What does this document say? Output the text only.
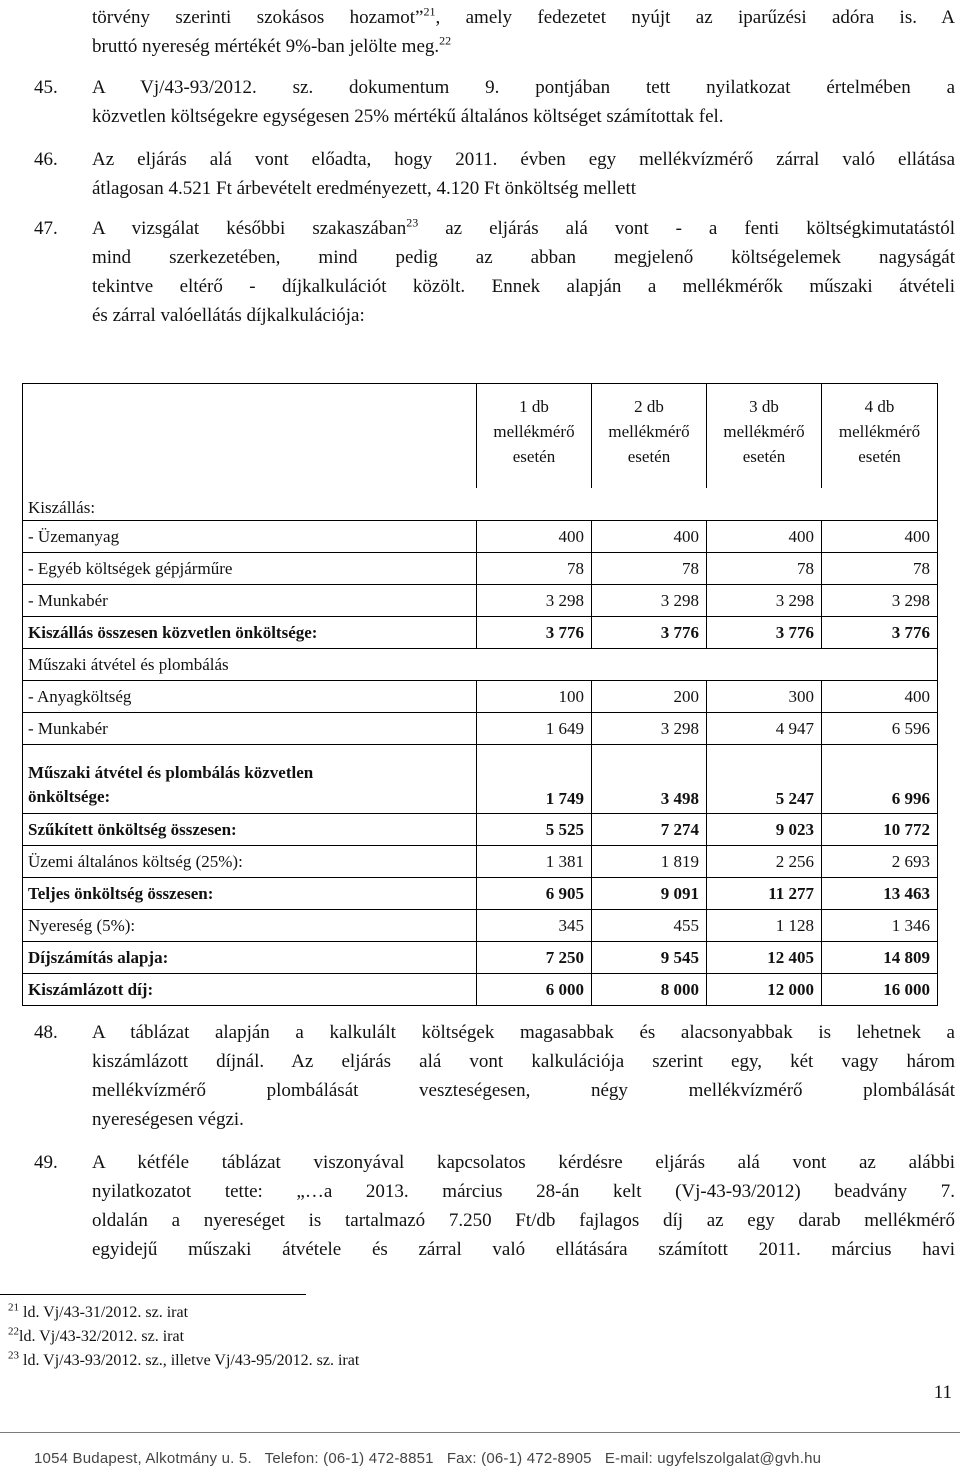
törvény szerinti szokásos hozamot”$^{21}$, amely fedezetet nyújt az iparűzési adóra is. A
bruttó nyereség mértékét 9%-ban jelölte meg.$^{22}$
45.	A Vj/43-93/2012. sz. dokumentum 9. pontjában tett nyilatkozat értelmében a
közvetlen költségekre egységesen 25% mértékű általános költséget számítottak fel.
46.	Az eljárás alá vont előadta, hogy 2011. évben egy mellékvízmérő zárral való ellátása
átlagosan 4.521 Ft árbevételt eredményezett, 4.120 Ft önköltség mellett
47.	A vizsgálat későbbi szakaszában$^{23}$ az eljárás alá vont - a fenti költségkimutatástól
mind szerkezetében, mind pedig az abban megjelenő költségelemek nagyságát
tekintve eltérő - díjkalkulációt közölt. Ennek alapján a mellékmérők műszaki átvételi
és zárral valóellátás díjkalkulációja:
	1 db
mellékmérő
esetén	2 db
mellékmérő
esetén	3 db
mellékmérő
esetén	4 db
mellékmérő
esetén
Kiszállás:				
- Üzemanyag	400	400	400	400
- Egyéb költségek gépjárműre	78	78	78	78
- Munkabér	3 298	3 298	3 298	3 298
Kiszállás összesen közvetlen önköltsége:	3 776	3 776	3 776	3 776
Műszaki átvétel és plombálás				
- Anyagköltség	100	200	300	400
- Munkabér	1 649	3 298	4 947	6 596
Műszaki átvétel és plombálás közvetlen
önköltsége:	1 749	3 498	5 247	6 996
Szűkített önköltség összesen:	5 525	7 274	9 023	10 772
Üzemi általános költség (25%):	1 381	1 819	2 256	2 693
Teljes önköltség összesen:	6 905	9 091	11 277	13 463
Nyereség (5%):	345	455	1 128	1 346
Díjszámítás alapja:	7 250	9 545	12 405	14 809
Kiszámlázott díj:	6 000	8 000	12 000	16 000
48.	A táblázat alapján a kalkulált költségek magasabbak és alacsonyabbak is lehetnek a
kiszámlázott díjnál. Az eljárás alá vont kalkulációja szerint egy, két vagy három
mellékvízmérő plombálását veszteségesen, négy mellékvízmérő plombálását
nyereségesen végzi.
49.	A kétféle táblázat viszonyával kapcsolatos kérdésre eljárás alá vont az alábbi
nyilatkozatot tette: „…a 2013. március 28-án kelt (Vj-43-93/2012) beadvány 7.
oldalán a nyereséget is tartalmazó 7.250 Ft/db fajlagos díj az egy darab mellékmérő
egyidejű műszaki átvétele és zárral való ellátására számított 2011. március havi
$^{21}$ ld. Vj/43-31/2012. sz. irat
$^{22}$ld. Vj/43-32/2012. sz. irat
$^{23}$ ld. Vj/43-93/2012. sz., illetve Vj/43-95/2012. sz. irat
11
1054 Budapest, Alkotmány u. 5.   Telefon: (06-1) 472-8851   Fax: (06-1) 472-8905   E-mail: ugyfelszolgalat@gvh.hu
